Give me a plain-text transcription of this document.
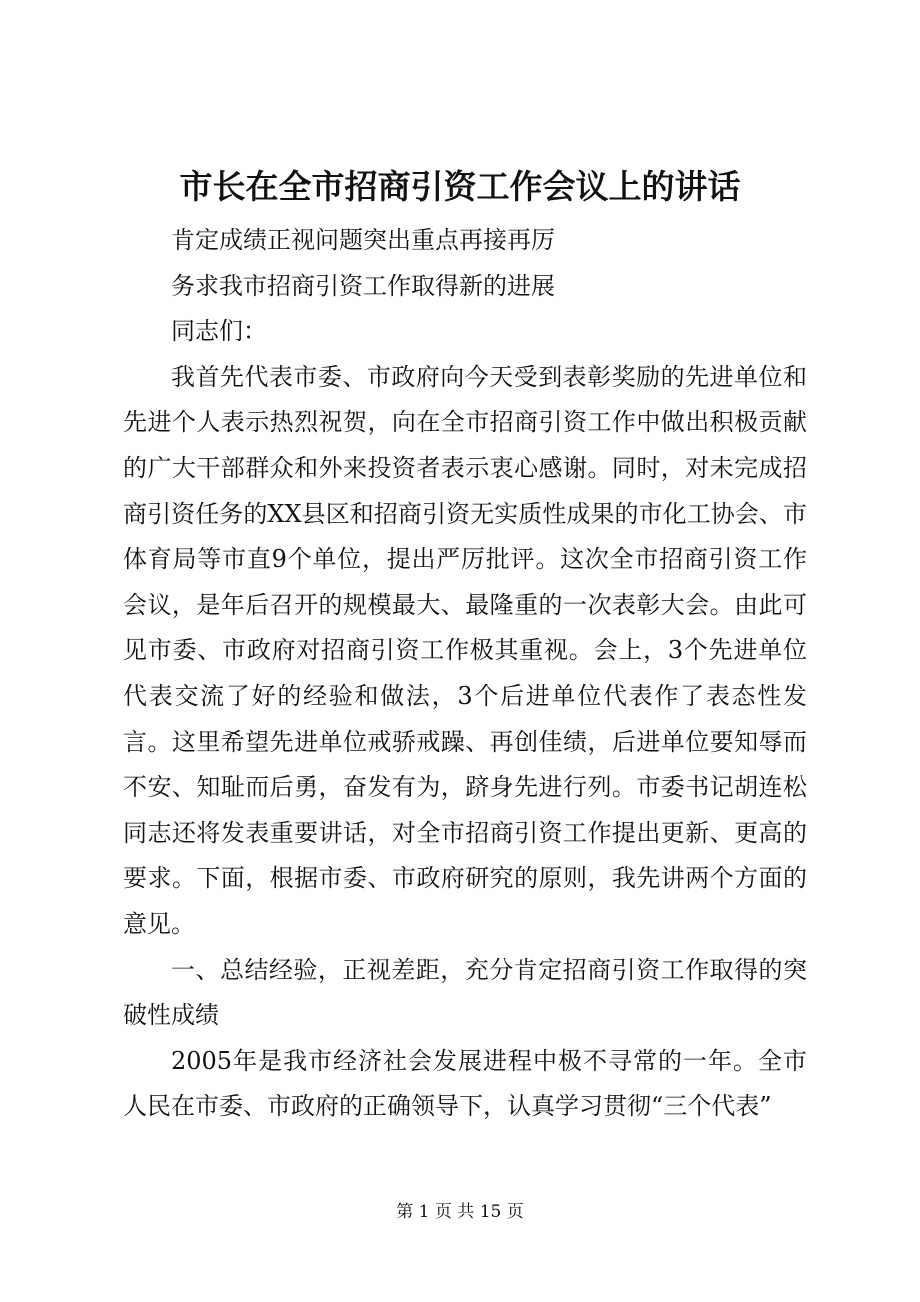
市长在全市招商引资工作会议上的讲话

肯定成绩正视问题突出重点再接再厉

务求我市招商引资工作取得新的进展

同志们：

我首先代表市委、市政府向今天受到表彰奖励的先进单位和先进个人表示热烈祝贺，向在全市招商引资工作中做出积极贡献的广大干部群众和外来投资者表示衷心感谢。同时，对未完成招商引资任务的XX县区和招商引资无实质性成果的市化工协会、市体育局等市直9个单位，提出严厉批评。这次全市招商引资工作会议，是年后召开的规模最大、最隆重的一次表彰大会。由此可见市委、市政府对招商引资工作极其重视。会上，3个先进单位代表交流了好的经验和做法，3个后进单位代表作了表态性发言。这里希望先进单位戒骄戒躁、再创佳绩，后进单位要知辱而不安、知耻而后勇，奋发有为，跻身先进行列。市委书记胡连松同志还将发表重要讲话，对全市招商引资工作提出更新、更高的要求。下面，根据市委、市政府研究的原则，我先讲两个方面的意见。

一、总结经验，正视差距，充分肯定招商引资工作取得的突破性成绩

2005年是我市经济社会发展进程中极不寻常的一年。全市人民在市委、市政府的正确领导下，认真学习贯彻“三个代表”

第 1 页 共 15 页
